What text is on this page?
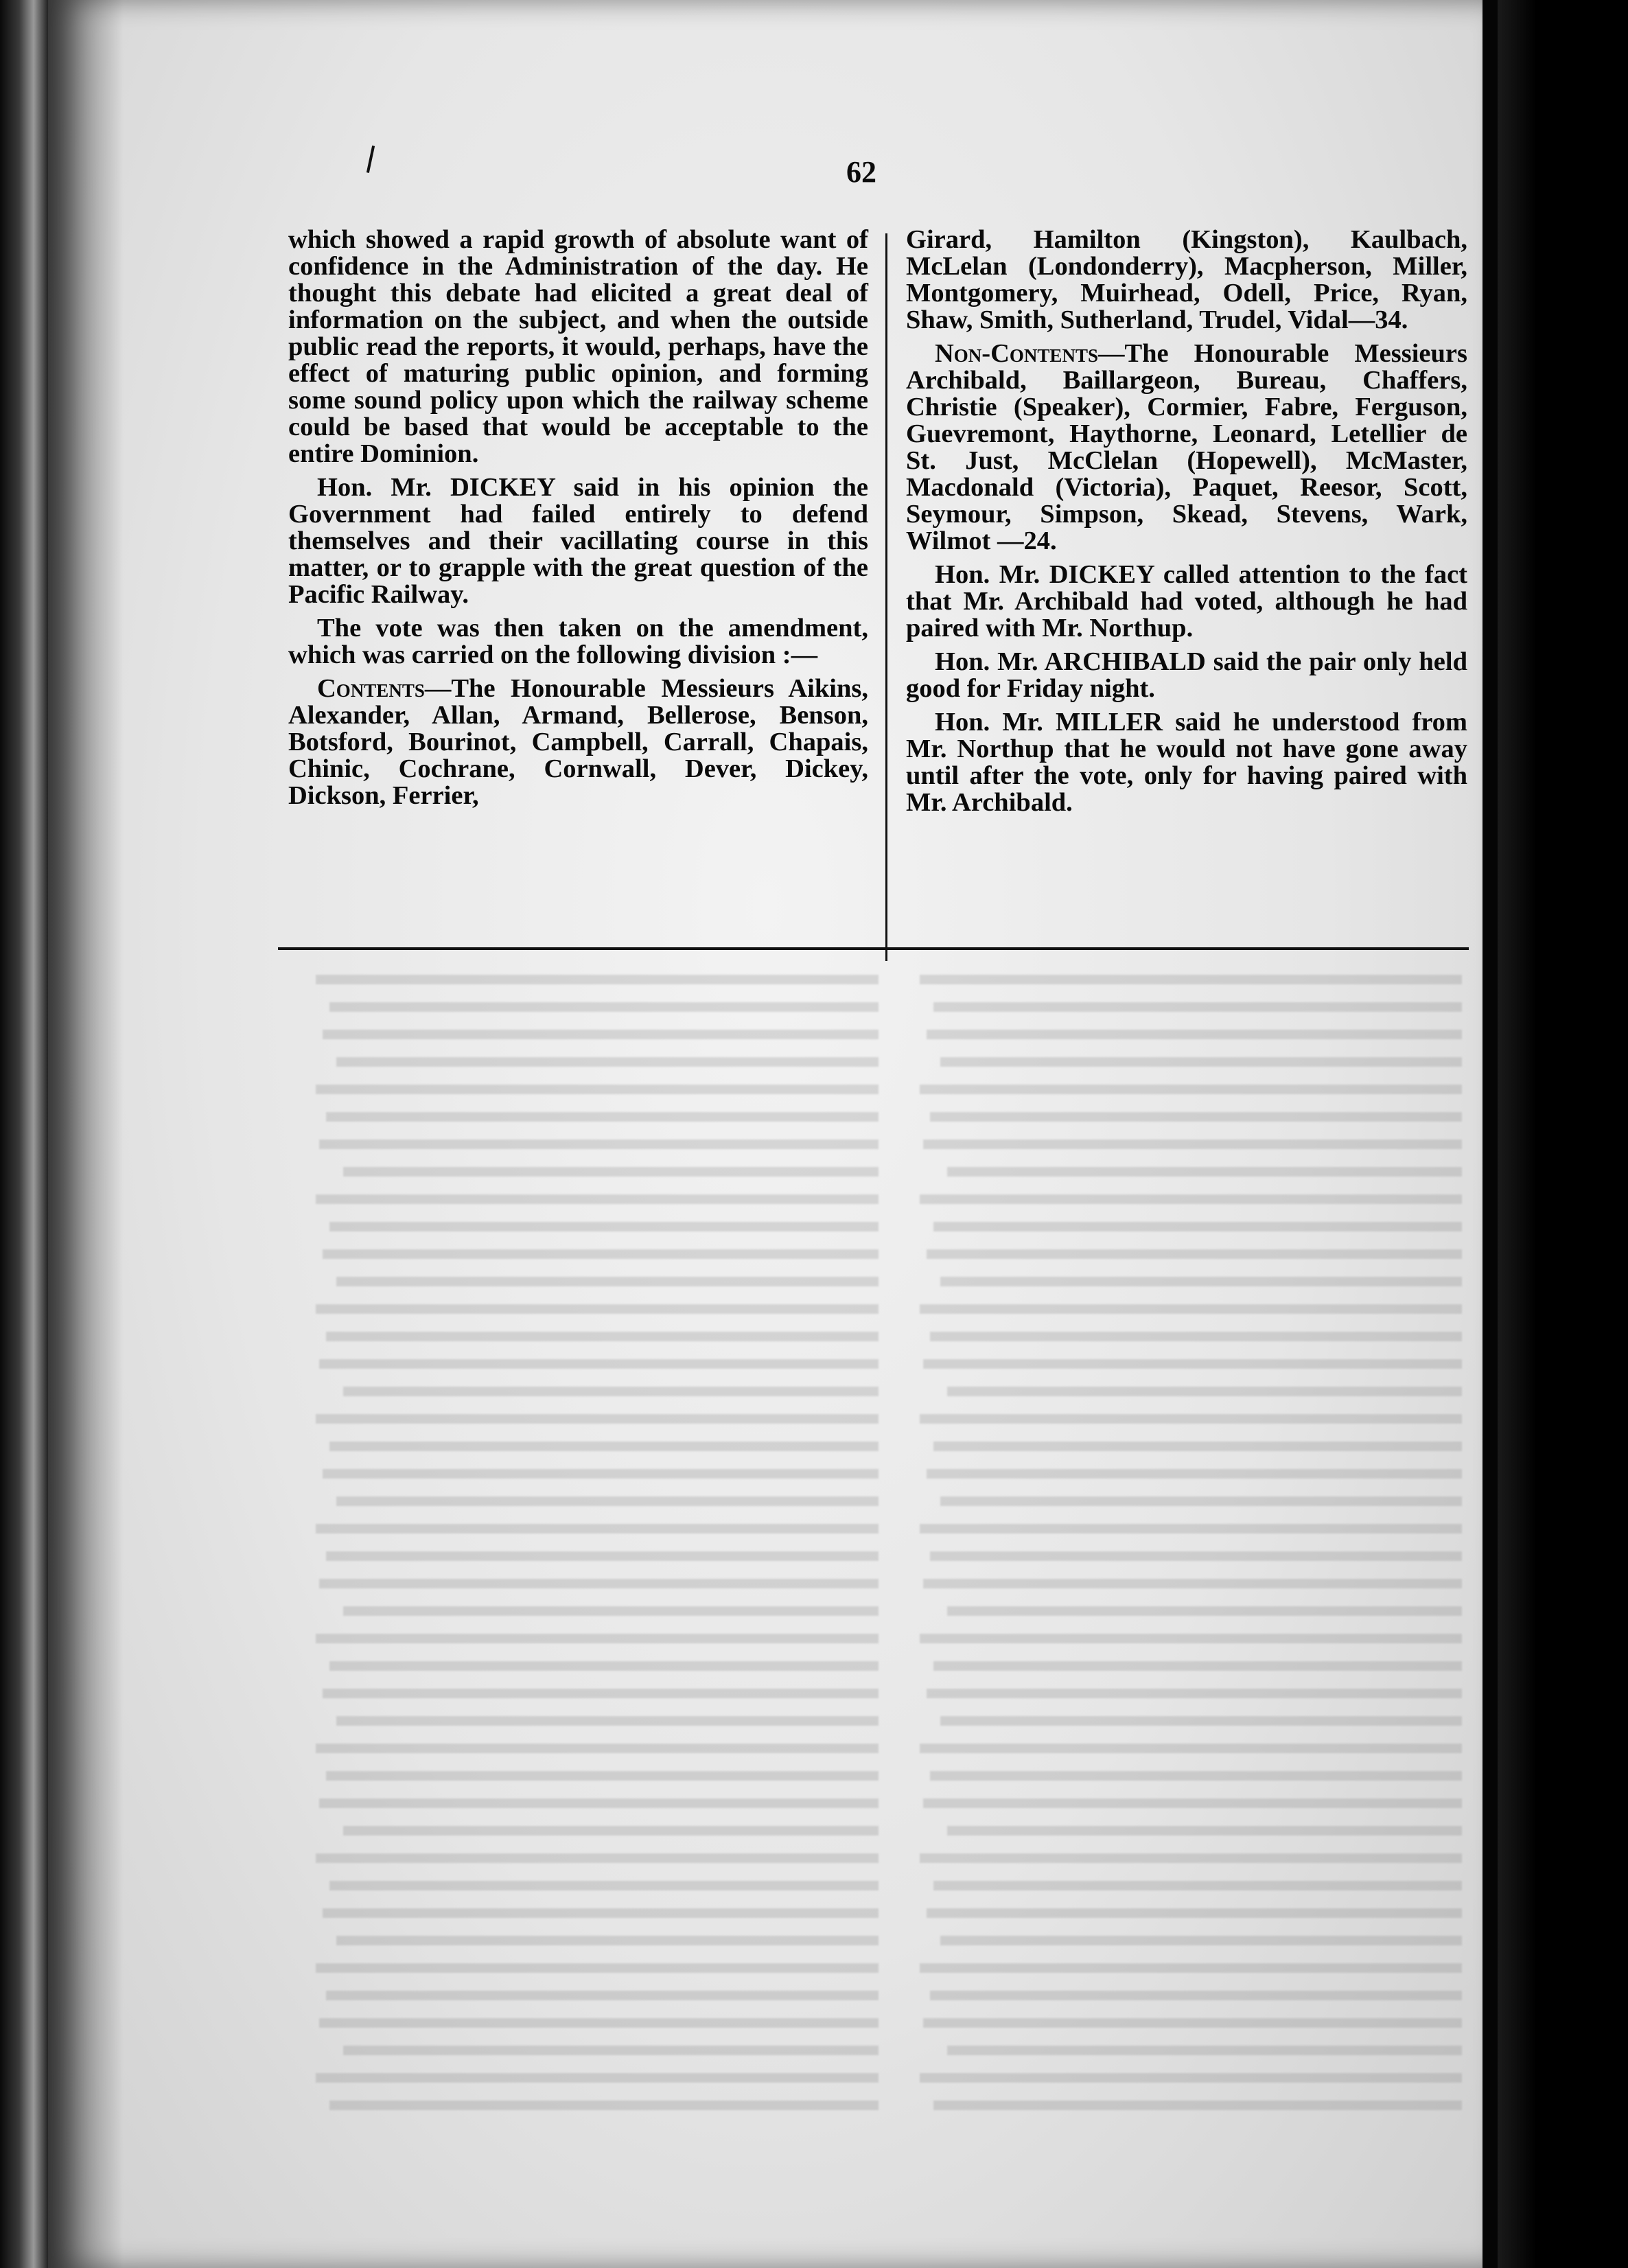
62

which showed a rapid growth of absolute want of confidence in the Administration of the day. He thought this debate had elicited a great deal of information on the subject, and when the outside public read the reports, it would, perhaps, have the effect of maturing public opinion, and forming some sound policy upon which the railway scheme could be based that would be acceptable to the entire Dominion.

Hon. Mr. DICKEY said in his opinion the Government had failed entirely to defend themselves and their vacillating course in this matter, or to grapple with the great question of the Pacific Railway.

The vote was then taken on the amendment, which was carried on the following division :—

Contents—The Honourable Messieurs Aikins, Alexander, Allan, Armand, Bellerose, Benson, Botsford, Bourinot, Campbell, Carrall, Chapais, Chinic, Cochrane, Cornwall, Dever, Dickey, Dickson, Ferrier,

Girard, Hamilton (Kingston), Kaulbach, McLelan (Londonderry), Macpherson, Miller, Montgomery, Muirhead, Odell, Price, Ryan, Shaw, Smith, Sutherland, Trudel, Vidal—34.

Non-Contents—The Honourable Messieurs Archibald, Baillargeon, Bureau, Chaffers, Christie (Speaker), Cormier, Fabre, Ferguson, Guevremont, Haythorne, Leonard, Letellier de St. Just, McClelan (Hopewell), McMaster, Macdonald (Victoria), Paquet, Reesor, Scott, Seymour, Simpson, Skead, Stevens, Wark, Wilmot —24.

Hon. Mr. DICKEY called attention to the fact that Mr. Archibald had voted, although he had paired with Mr. Northup.

Hon. Mr. ARCHIBALD said the pair only held good for Friday night.

Hon. Mr. MILLER said he understood from Mr. Northup that he would not have gone away until after the vote, only for having paired with Mr. Archibald.
